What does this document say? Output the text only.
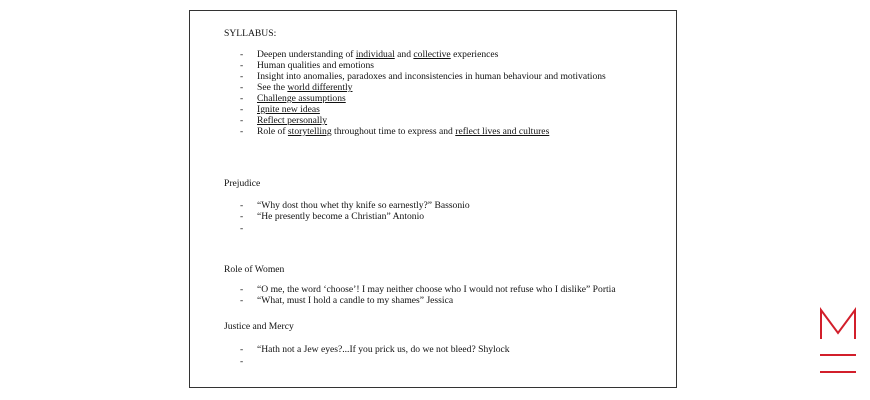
SYLLABUS:
- Deepen understanding of individual and collective experiences
- Human qualities and emotions
- Insight into anomalies, paradoxes and inconsistencies in human behaviour and motivations
- See the world differently
- Challenge assumptions
- Ignite new ideas
- Reflect personally
- Role of storytelling throughout time to express and reflect lives and cultures
Prejudice
- “Why dost thou whet thy knife so earnestly?” Bassonio
- “He presently become a Christian” Antonio
-
Role of Women
- “O me, the word ‘choose’! I may neither choose who I would not refuse who I dislike” Portia
- “What, must I hold a candle to my shames” Jessica
Justice and Mercy
- “Hath not a Jew eyes?...If you prick us, do we not bleed? Shylock
-
